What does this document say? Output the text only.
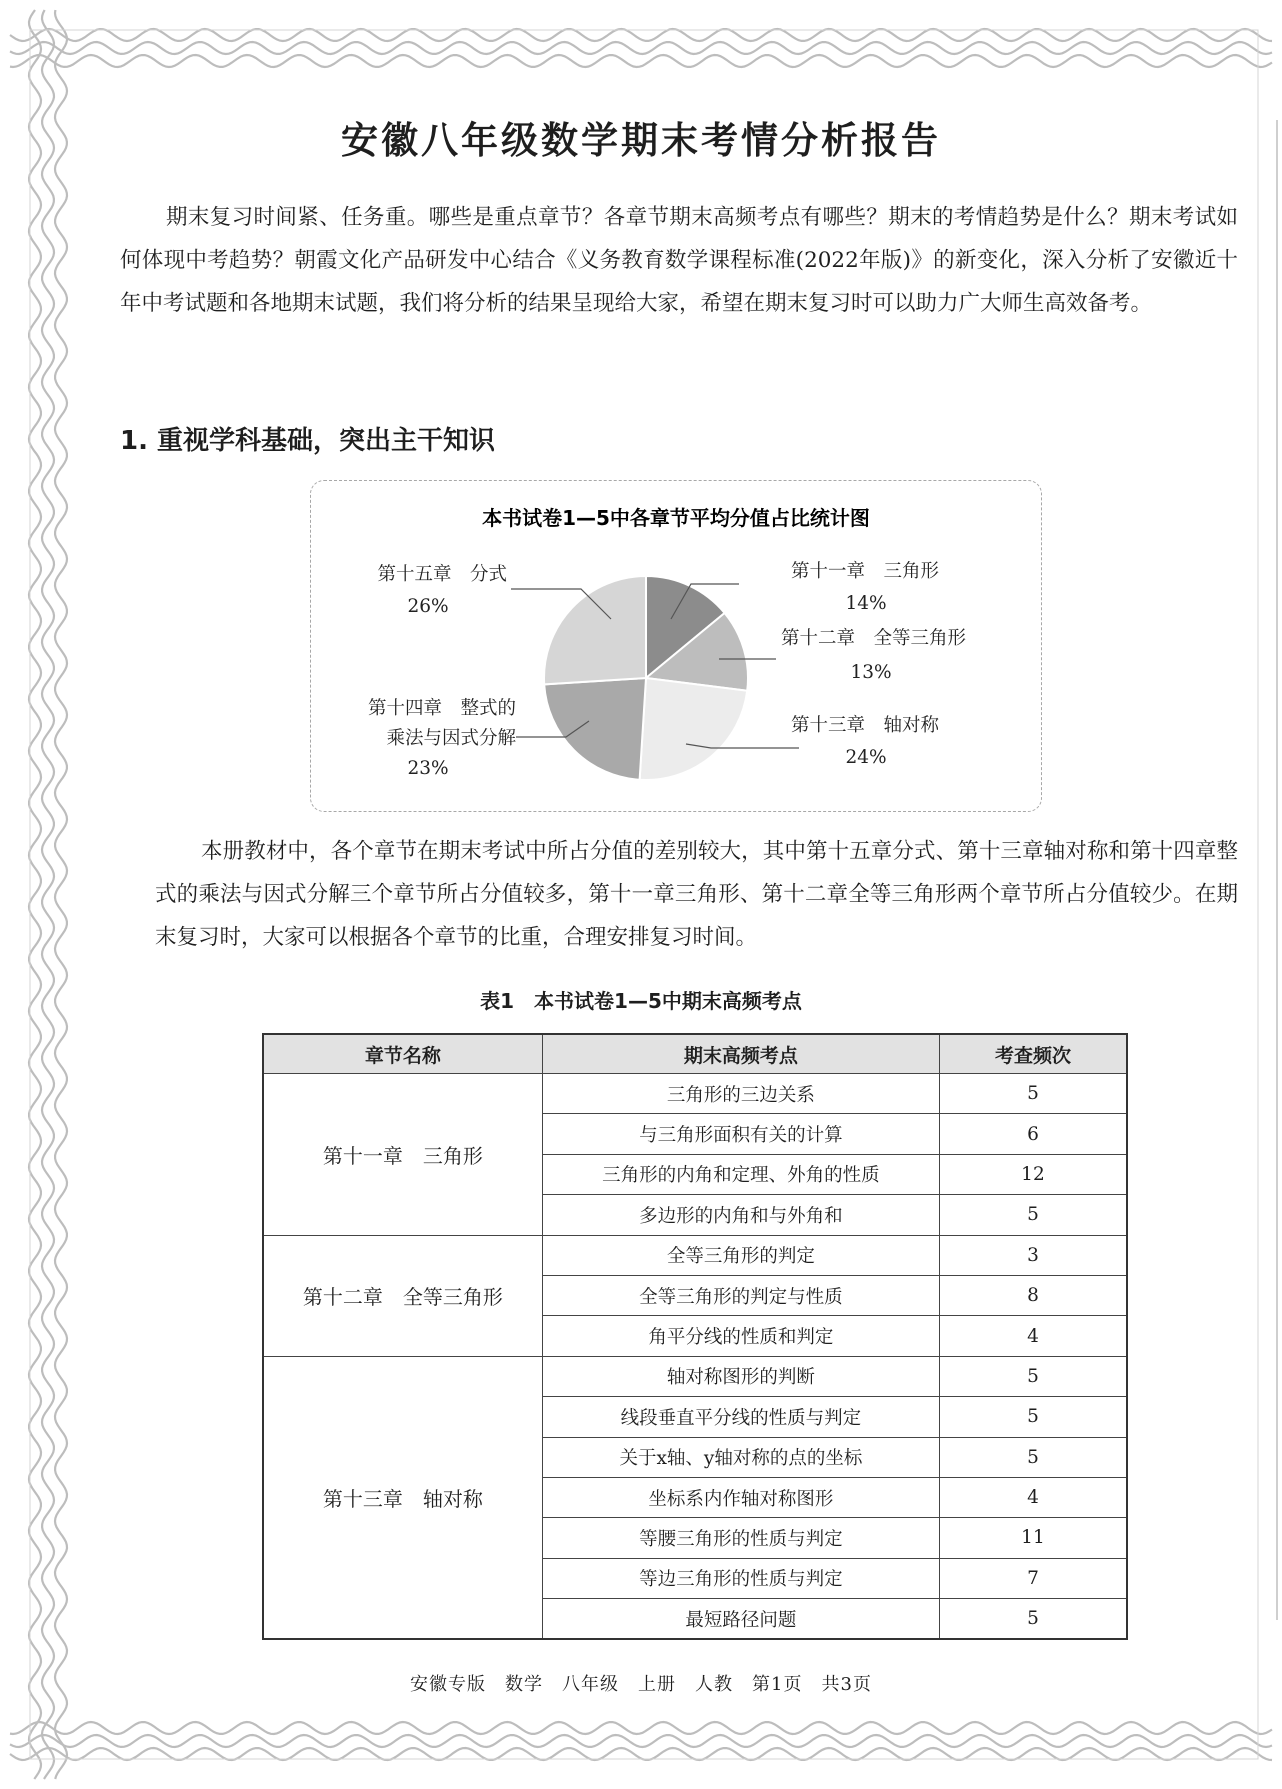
安徽八年级数学期末考情分析报告
期末复习时间紧、任务重。哪些是重点章节？各章节期末高频考点有哪些？期末的考情趋势是什么？期末考试如何体现中考趋势？朝霞文化产品研发中心结合《义务教育数学课程标准(2022年版)》的新变化，深入分析了安徽近十年中考试题和各地期末试题，我们将分析的结果呈现给大家，希望在期末复习时可以助力广大师生高效备考。
1. 重视学科基础，突出主干知识
本书试卷1—5中各章节平均分值占比统计图
第十一章　三角形
14%
第十二章　全等三角形
13%
第十三章　轴对称
24%
第十四章　整式的
乘法与因式分解
23%
第十五章　分式
26%
本册教材中，各个章节在期末考试中所占分值的差别较大，其中第十五章分式、第十三章轴对称和第十四章整式的乘法与因式分解三个章节所占分值较多，第十一章三角形、第十二章全等三角形两个章节所占分值较少。在期末复习时，大家可以根据各个章节的比重，合理安排复习时间。
表1　本书试卷1—5中期末高频考点
章节名称	期末高频考点	考查频次
第十一章　三角形	三角形的三边关系	5
	与三角形面积有关的计算	6
	三角形的内角和定理、外角的性质	12
	多边形的内角和与外角和	5
第十二章　全等三角形	全等三角形的判定	3
	全等三角形的判定与性质	8
	角平分线的性质和判定	4
第十三章　轴对称	轴对称图形的判断	5
	线段垂直平分线的性质与判定	5
	关于x轴、y轴对称的点的坐标	5
	坐标系内作轴对称图形	4
	等腰三角形的性质与判定	11
	等边三角形的性质与判定	7
	最短路径问题	5
安徽专版　数学　八年级　上册　人教　第1页　共3页
